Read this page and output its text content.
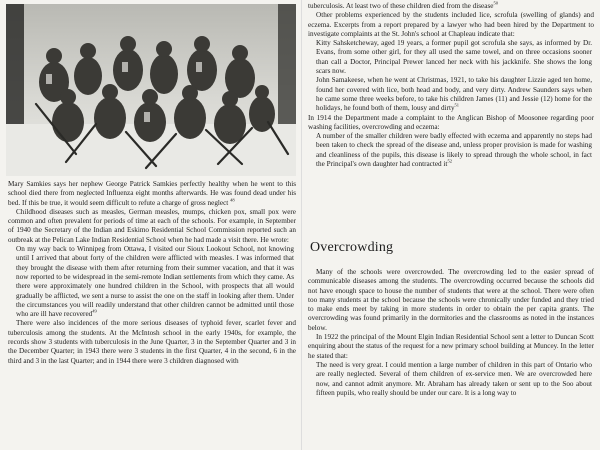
Mary Samkies says her nephew George Patrick Samkies perfectly healthy when he went to this school died there from neglected Influenza eight months afterwards. He was found dead under his bed. If this be true, it would seem difficult to refute a charge of gross neglect $^{48}$

Childhood diseases such as measles, German measles, mumps, chicken pox, small pox were common and often prevalent for periods of time at each of the schools. For example, in September of 1940 the Secretary of the Indian and Eskimo Residential School Commission reported such an outbreak at the Pelican Lake Indian Residential School when he had made a visit there. He wrote:

On my way back to Winnipeg from Ottawa, I visited our Sioux Lookout School, not knowing until I arrived that about forty of the children were afflicted with measles. I was informed that they brought the disease with them after returning from their summer vacation, and that it was now reported to be widespread in the semi-remote Indian settlements from which they came. As there were approximately one hundred children in the School, with prospects that all would gradually be afflicted, we sent a nurse to assist the one on the staff in looking after them. Under the circumstances you will readily understand that other children cannot be admitted until those who are ill have recovered$^{49}$

There were also incidences of the more serious diseases of typhoid fever, scarlet fever and tuberculosis among the students. At the McIntosh school in the early 1940s, for example, the records show 3 students with tuberculosis in the June Quarter, 3 in the September Quarter and 3 in the December Quarter; in 1943 there were 3 students in the first Quarter, 4 in the second, 6 in the third and 3 in the last Quarter; and in 1944 there were 3 children diagnosed with

tuberculosis. At least two of these children died from the disease$^{50}$

Other problems experienced by the students included lice, scrofula (swelling of glands) and eczema. Excerpts from a report prepared by a lawyer who had been hired by the Department to investigate complaints at the St. John's school at Chapleau indicate that:

Kitty Sahsketcheway, aged 19 years, a former pupil got scrofula she says, as informed by Dr. Evans, from some other girl, for they all used the same towel, and on three occasions sooner than call a Doctor, Principal Prewer lanced her neck with his jackknife. She shows the long scars now.

John Samakeese, when he went at Christmas, 1921, to take his daughter Lizzie aged ten home, found her covered with lice, both head and body, and very dirty. Andrew Saunders says when he came some three weeks before, to take his children James (11) and Jessie (12) home for the holidays, he found both of them, lousy and dirty$^{51}$

In 1914 the Department made a complaint to the Anglican Bishop of Moosonee regarding poor washing facilities, overcrowding and eczema:

A number of the smaller children were badly effected with eczema and apparently no steps had been taken to check the spread of the disease and, unless proper provision is made for washing and cleanliness of the pupils, this disease is likely to spread through the whole school, in fact the Principal's own daughter had contracted $it^{52}$

Overcrowding

Many of the schools were overcrowded. The overcrowding led to the easier spread of communicable diseases among the students. The overcrowding occurred because the schools did not have enough space to house the number of students that were at the school. There were often too many students at the school because the schools were chronically under funded and they tried to make ends meet by taking in more students in order to obtain the per capita grants. The overcrowding was found primarily in the dormitories and the classrooms as noted in the instances below.

In 1922 the principal of the Mount Elgin Indian Residential School sent a letter to Duncan Scott enquiring about the status of the request for a new primary school building at Muncey. In the letter he stated that:

The need is very great. I could mention a large number of children in this part of Ontario who are really neglected. Several of them children of ex-service men. We are overcrowded here now, and cannot admit anymore. Mr. Abraham has already taken or sent up to the Soo about fifteen pupils, who really should be under our care. It is a long way to
